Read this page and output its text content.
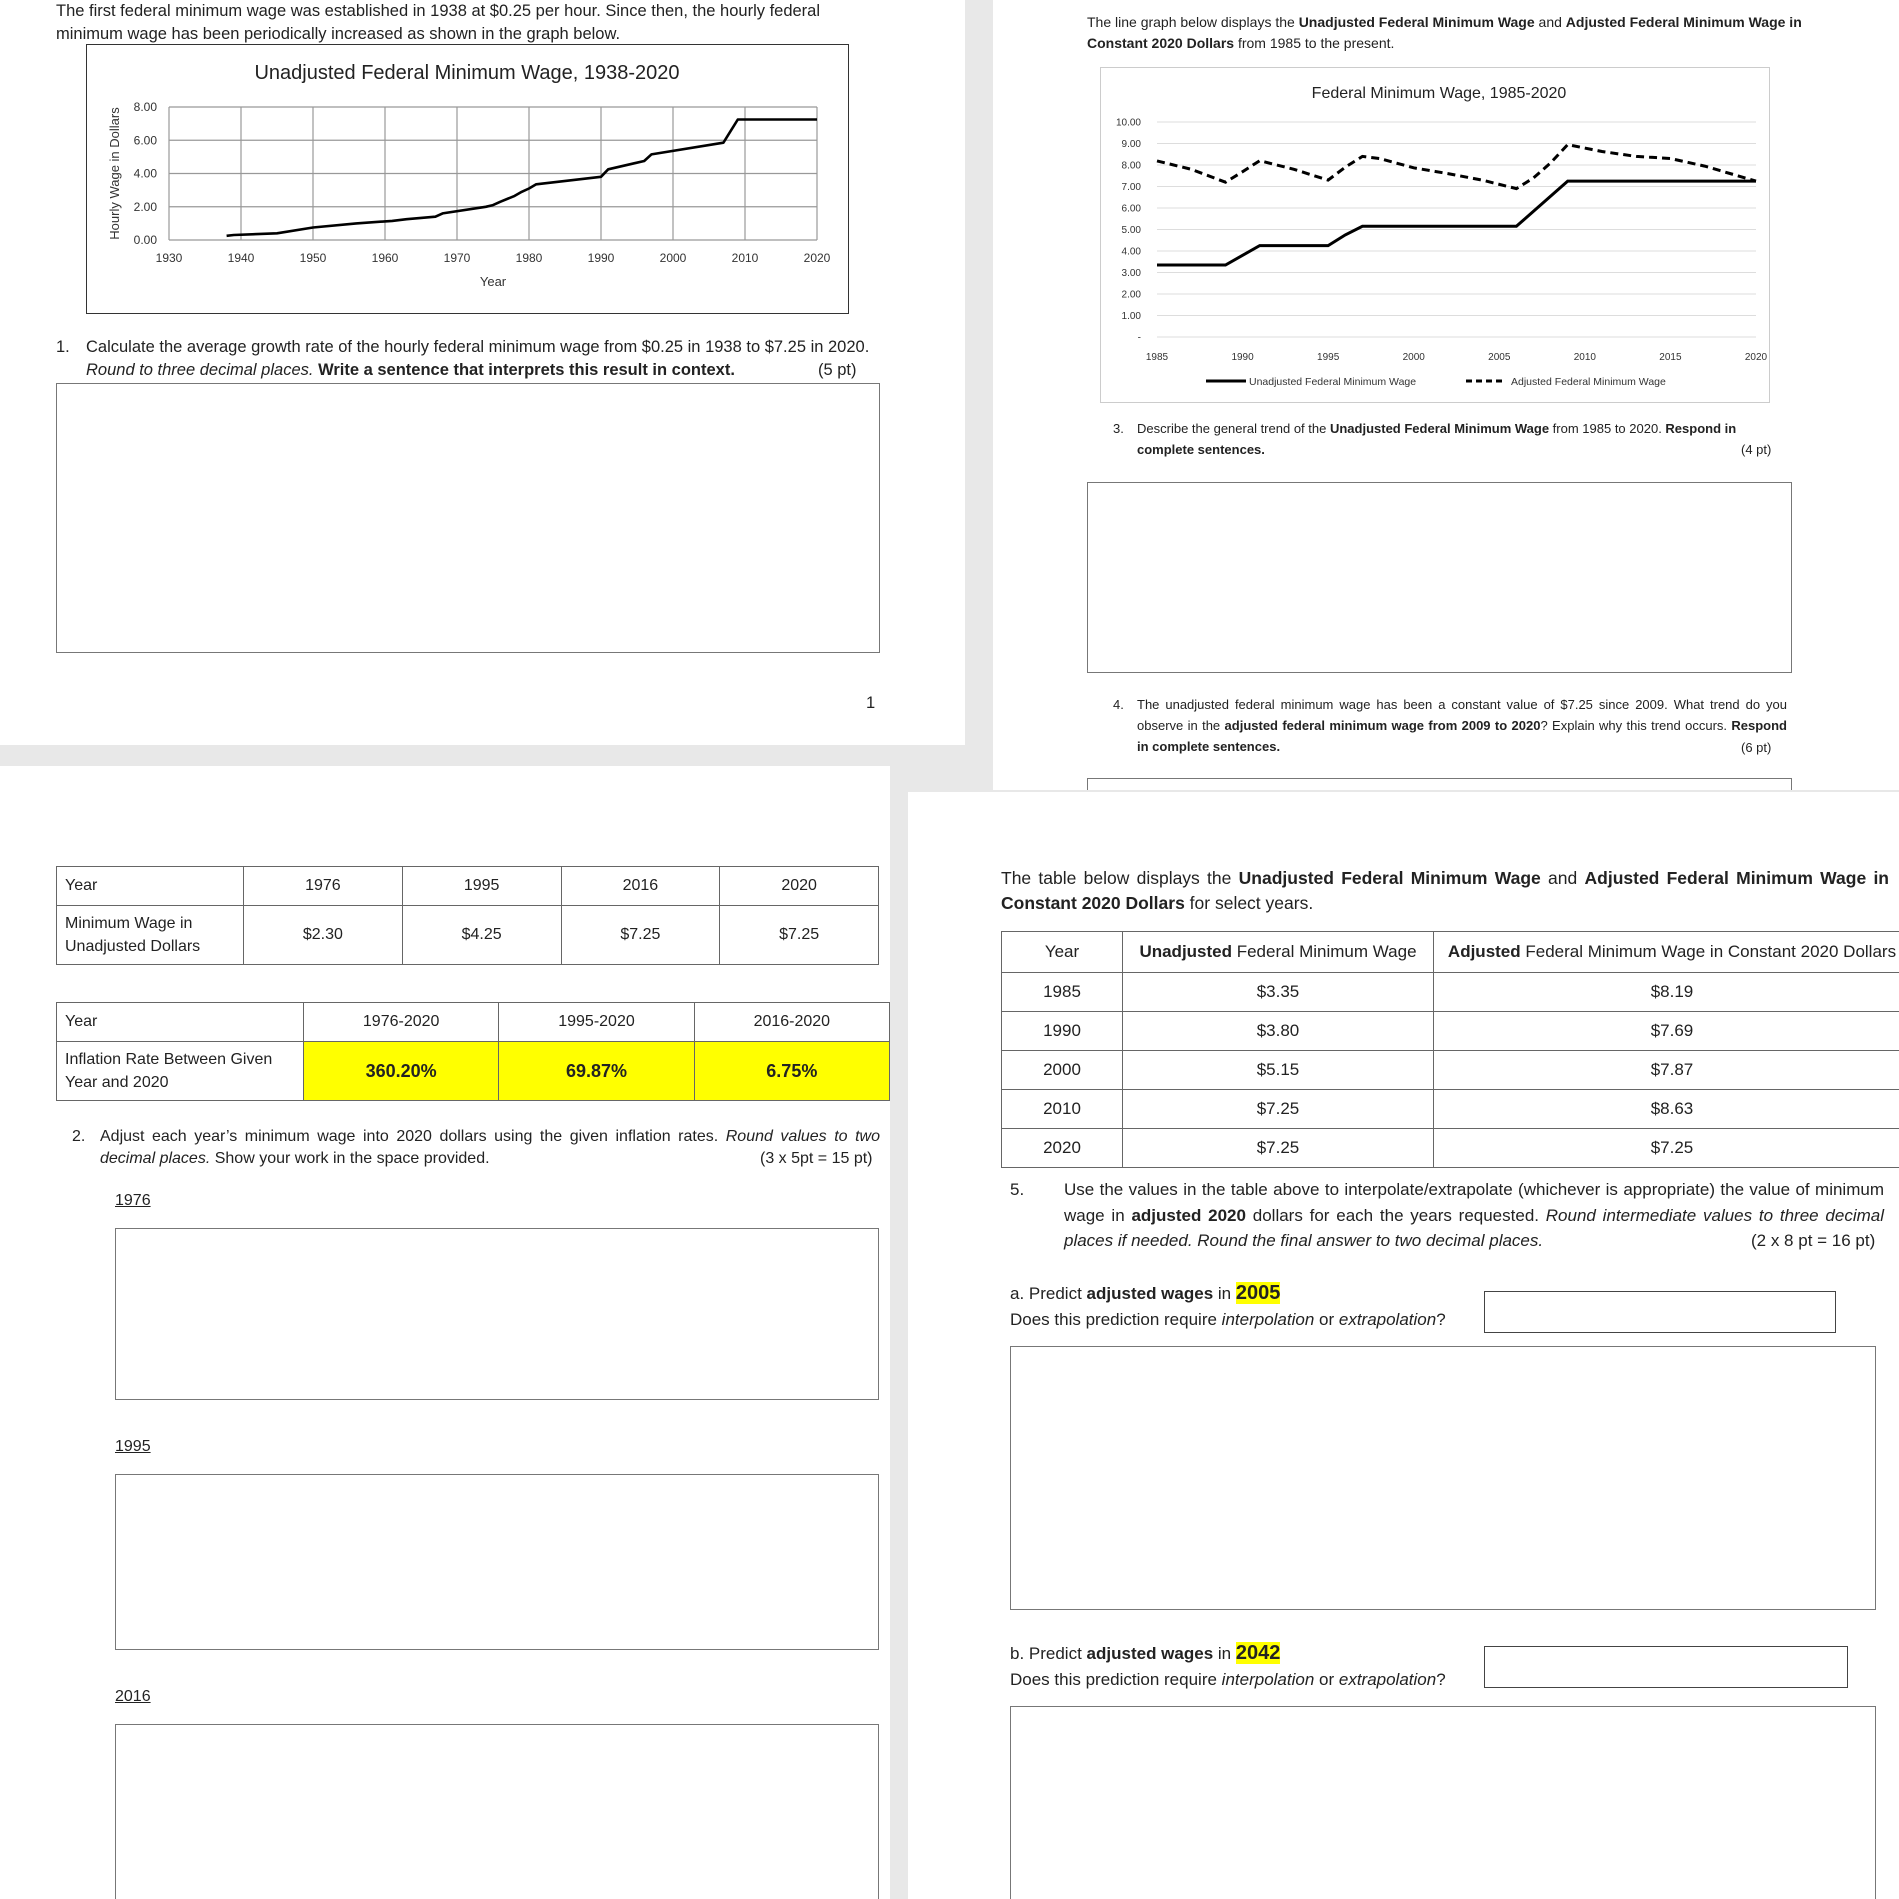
The first federal minimum wage was established in 1938 at $0.25 per hour. Since then, the hourly federal minimum wage has been periodically increased as shown in the graph below.
Unadjusted Federal Minimum Wage, 1938-2020
0.00
2.00
4.00
6.00
8.00
1930	1940	1950	1960	1970	1980	1990	2000	2010	2020
Year
Hourly Wage in Dollars
1. Calculate the average growth rate of the hourly federal minimum wage from $0.25 in 1938 to $7.25 in 2020.
Round to three decimal places. Write a sentence that interprets this result in context.	(5 pt)
1
The line graph below displays the Unadjusted Federal Minimum Wage and Adjusted Federal Minimum Wage in Constant 2020 Dollars from 1985 to the present.
Federal Minimum Wage, 1985-2020
-
1.00
2.00
3.00
4.00
5.00
6.00
7.00
8.00
9.00
10.00
1985	1990	1995	2000	2005	2010	2015	2020
Unadjusted Federal Minimum Wage	Adjusted Federal Minimum Wage
3. Describe the general trend of the Unadjusted Federal Minimum Wage from 1985 to 2020. Respond in complete sentences.	(4 pt)
4. The unadjusted federal minimum wage has been a constant value of $7.25 since 2009. What trend do you observe in the adjusted federal minimum wage from 2009 to 2020? Explain why this trend occurs. Respond in complete sentences.	(6 pt)
Year	1976	1995	2016	2020
Minimum Wage in Unadjusted Dollars	$2.30	$4.25	$7.25	$7.25
Year	1976-2020	1995-2020	2016-2020
Inflation Rate Between Given Year and 2020	360.20%	69.87%	6.75%
2. Adjust each year’s minimum wage into 2020 dollars using the given inflation rates. Round values to two decimal places. Show your work in the space provided.	(3 x 5pt = 15 pt)
1976
1995
2016
The table below displays the Unadjusted Federal Minimum Wage and Adjusted Federal Minimum Wage in Constant 2020 Dollars for select years.
Year	Unadjusted Federal Minimum Wage	Adjusted Federal Minimum Wage in Constant 2020 Dollars
1985	$3.35	$8.19
1990	$3.80	$7.69
2000	$5.15	$7.87
2010	$7.25	$8.63
2020	$7.25	$7.25
5. Use the values in the table above to interpolate/extrapolate (whichever is appropriate) the value of minimum wage in adjusted 2020 dollars for each the years requested. Round intermediate values to three decimal places if needed. Round the final answer to two decimal places.	(2 x 8 pt = 16 pt)
a. Predict adjusted wages in 2005
Does this prediction require interpolation or extrapolation?
b. Predict adjusted wages in 2042
Does this prediction require interpolation or extrapolation?
